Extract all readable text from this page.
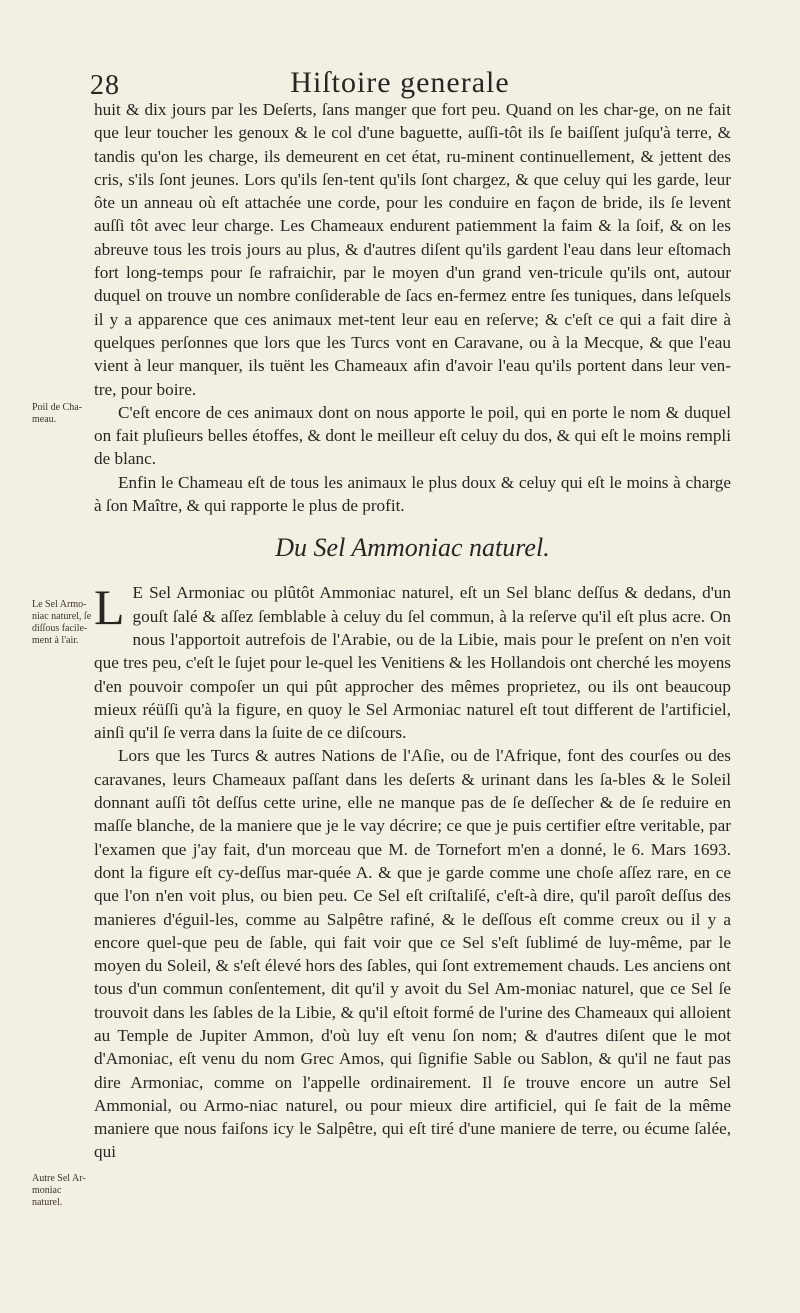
28	Hiſtoire generale
Poil de Cha-meau.
Le Sel Armo-niac naturel, ſe diſſous facile-ment à l'air.
Autre Sel Ar-moniac naturel.

huit & dix jours par les Deſerts, ſans manger que fort peu. Quand on les char-ge, on ne fait que leur toucher les genoux & le col d'une baguette, auſſi-tôt ils ſe baiſſent juſqu'à terre, & tandis qu'on les charge, ils demeurent en cet état, ru-minent continuellement, & jettent des cris, s'ils ſont jeunes. Lors qu'ils ſen-tent qu'ils ſont chargez, & que celuy qui les garde, leur ôte un anneau où eſt attachée une corde, pour les conduire en façon de bride, ils ſe levent auſſi tôt avec leur charge. Les Chameaux endurent patiemment la faim & la ſoif, & on les abreuve tous les trois jours au plus, & d'autres diſent qu'ils gardent l'eau dans leur eſtomach fort long-temps pour ſe rafraichir, par le moyen d'un grand ven-tricule qu'ils ont, autour duquel on trouve un nombre conſiderable de ſacs en-fermez entre ſes tuniques, dans leſquels il y a apparence que ces animaux met-tent leur eau en reſerve; & c'eſt ce qui a fait dire à quelques perſonnes que lors que les Turcs vont en Caravane, ou à la Mecque, & que l'eau vient à leur manquer, ils tuënt les Chameaux afin d'avoir l'eau qu'ils portent dans leur ven-tre, pour boire.

C'eſt encore de ces animaux dont on nous apporte le poil, qui en porte le nom & duquel on fait pluſieurs belles étoffes, & dont le meilleur eſt celuy du dos, & qui eſt le moins rempli de blanc.

Enfin le Chameau eſt de tous les animaux le plus doux & celuy qui eſt le moins à charge à ſon Maître, & qui rapporte le plus de profit.

Du Sel Ammoniac naturel.

L E Sel Armoniac ou plûtôt Ammoniac naturel, eſt un Sel blanc deſſus & dedans, d'un gouſt ſalé & aſſez ſemblable à celuy du ſel commun, à la reſerve qu'il eſt plus acre. On nous l'apportoit autrefois de l'Arabie, ou de la Libie, mais pour le preſent on n'en voit que tres peu, c'eſt le ſujet pour le-quel les Venitiens & les Hollandois ont cherché les moyens d'en pouvoir compoſer un qui pût approcher des mêmes proprietez, ou ils ont beaucoup mieux réüſſi qu'à la figure, en quoy le Sel Armoniac naturel eſt tout different de l'artificiel, ainſi qu'il ſe verra dans la ſuite de ce diſcours.

Lors que les Turcs & autres Nations de l'Aſie, ou de l'Afrique, font des courſes ou des caravanes, leurs Chameaux paſſant dans les deſerts & urinant dans les ſa-bles & le Soleil donnant auſſi tôt deſſus cette urine, elle ne manque pas de ſe deſſecher & de ſe reduire en maſſe blanche, de la maniere que je le vay décrire; ce que je puis certifier eſtre veritable, par l'examen que j'ay fait, d'un morceau que M. de Tornefort m'en a donné, le 6. Mars 1693. dont la figure eſt cy-deſſus mar-quée A. & que je garde comme une choſe aſſez rare, en ce que l'on n'en voit plus, ou bien peu. Ce Sel eſt criſtaliſé, c'eſt-à dire, qu'il paroît deſſus des manieres d'éguil-les, comme au Salpêtre rafiné, & le deſſous eſt comme creux ou il y a encore quel-que peu de ſable, qui fait voir que ce Sel s'eſt ſublimé de luy-même, par le moyen du Soleil, & s'eſt élevé hors des ſables, qui ſont extremement chauds. Les anciens ont tous d'un commun conſentement, dit qu'il y avoit du Sel Am-moniac naturel, que ce Sel ſe trouvoit dans les ſables de la Libie, & qu'il eſtoit formé de l'urine des Chameaux qui alloient au Temple de Jupiter Ammon, d'où luy eſt venu ſon nom; & d'autres diſent que le mot d'Amoniac, eſt venu du nom Grec Amos, qui ſignifie Sable ou Sablon, & qu'il ne faut pas dire Armoniac, comme on l'appelle ordinairement. Il ſe trouve encore un autre Sel Ammonial, ou Armo-niac naturel, ou pour mieux dire artificiel, qui ſe fait de la même maniere que nous faiſons icy le Salpêtre, qui eſt tiré d'une maniere de terre, ou écume ſalée, qui
